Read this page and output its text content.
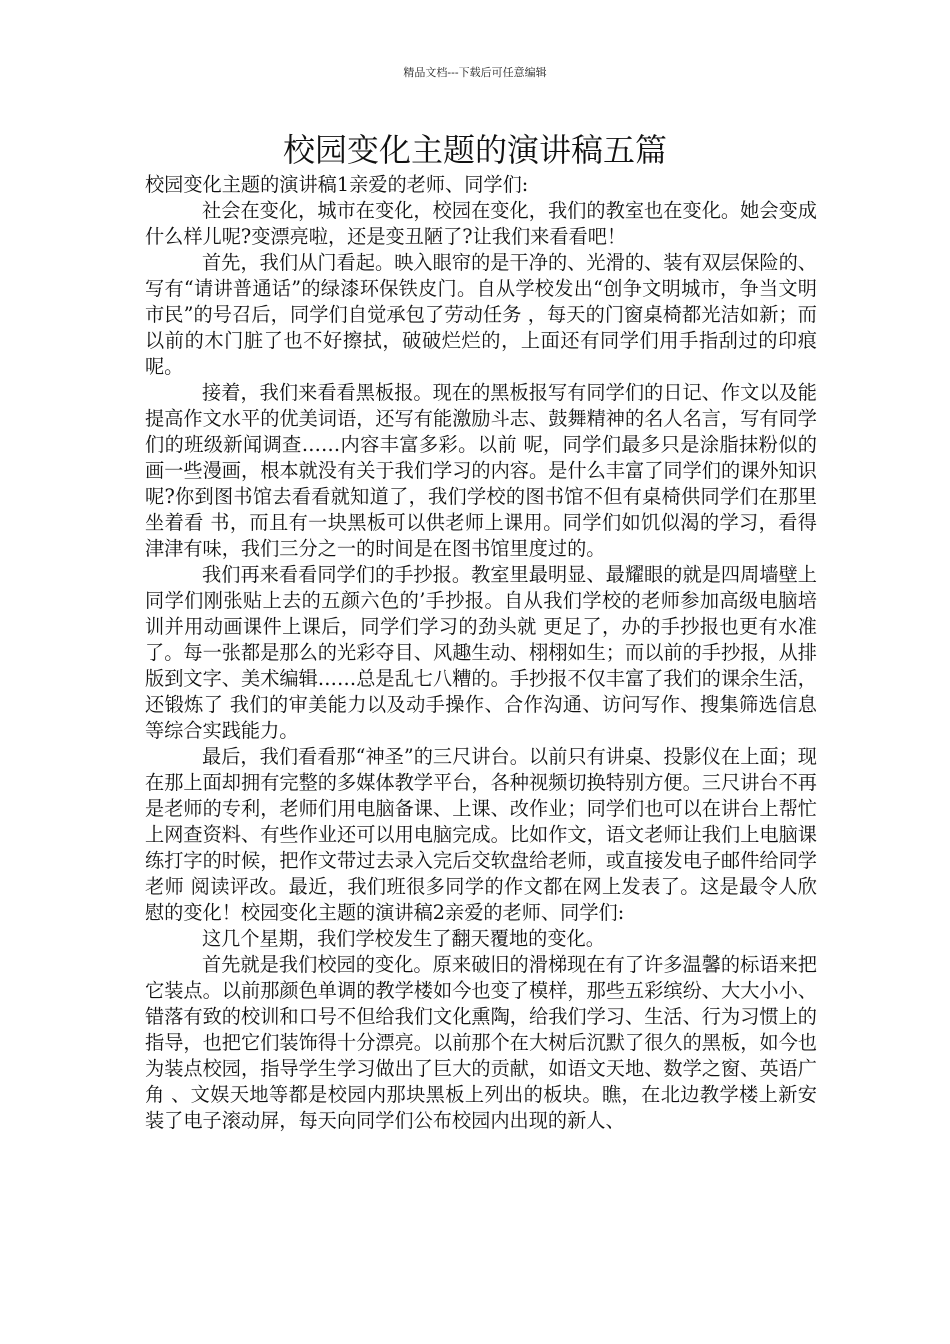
精品文档---下载后可任意编辑
校园变化主题的演讲稿五篇

校园变化主题的演讲稿1亲爱的老师、同学们:

社会在变化，城市在变化，校园在变化，我们的教室也在变化。她会变成什么样儿呢?变漂亮啦，还是变丑陋了?让我们来看看吧！

首先，我们从门看起。映入眼帘的是干净的、光滑的、装有双层保险的、写有“请讲普通话”的绿漆环保铁皮门。自从学校发出“创争文明城市，争当文明市民”的号召后，同学们自觉承包了劳动任务 ，每天的门窗桌椅都光洁如新；而以前的木门脏了也不好擦拭，破破烂烂的，上面还有同学们用手指刮过的印痕呢。

接着，我们来看看黑板报。现在的黑板报写有同学们的日记、作文以及能提高作文水平的优美词语，还写有能激励斗志、鼓舞精神的名人名言，写有同学们的班级新闻调查……内容丰富多彩。以前 呢，同学们最多只是涂脂抹粉似的画一些漫画，根本就没有关于我们学习的内容。是什么丰富了同学们的课外知识呢?你到图书馆去看看就知道了，我们学校的图书馆不但有桌椅供同学们在那里坐着看 书，而且有一块黑板可以供老师上课用。同学们如饥似渴的学习，看得津津有味，我们三分之一的时间是在图书馆里度过的。

我们再来看看同学们的手抄报。教室里最明显、最耀眼的就是四周墙壁上同学们刚张贴上去的五颜六色的’手抄报。自从我们学校的老师参加高级电脑培训并用动画课件上课后，同学们学习的劲头就 更足了，办的手抄报也更有水准了。每一张都是那么的光彩夺目、风趣生动、栩栩如生；而以前的手抄报，从排版到文字、美术编辑……总是乱七八糟的。手抄报不仅丰富了我们的课余生活，还锻炼了 我们的审美能力以及动手操作、合作沟通、访问写作、搜集筛选信息等综合实践能力。

最后，我们看看那“神圣”的三尺讲台。以前只有讲桌、投影仪在上面；现在那上面却拥有完整的多媒体教学平台，各种视频切换特别方便。三尺讲台不再是老师的专利，老师们用电脑备课、上课、改作业；同学们也可以在讲台上帮忙上网查资料、有些作业还可以用电脑完成。比如作文，语文老师让我们上电脑课练打字的时候，把作文带过去录入完后交软盘给老师，或直接发电子邮件给同学老师 阅读评改。最近，我们班很多同学的作文都在网上发表了。这是最令人欣慰的变化！校园变化主题的演讲稿2亲爱的老师、同学们:

这几个星期，我们学校发生了翻天覆地的变化。

首先就是我们校园的变化。原来破旧的滑梯现在有了许多温馨的标语来把它装点。以前那颜色单调的教学楼如今也变了模样，那些五彩缤纷、大大小小、错落有致的校训和口号不但给我们文化熏陶，给我们学习、生活、行为习惯上的指导，也把它们装饰得十分漂亮。以前那个在大树后沉默了很久的黑板，如今也为装点校园，指导学生学习做出了巨大的贡献，如语文天地、数学之窗、英语广角 、文娱天地等都是校园内那块黑板上列出的板块。瞧，在北边教学楼上新安装了电子滚动屏，每天向同学们公布校园内出现的新人、
